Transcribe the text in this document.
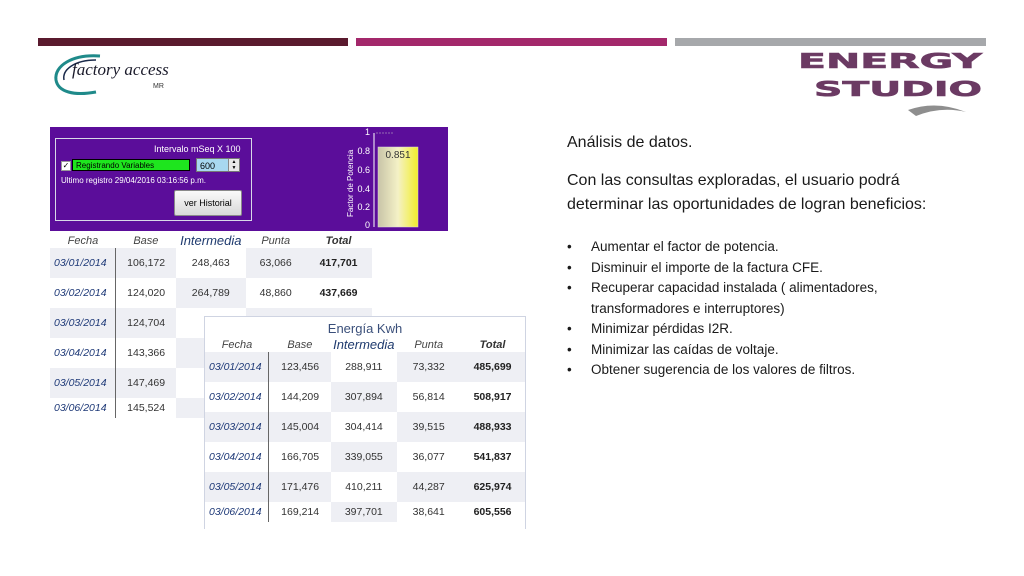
factory access
MR
ENERGY
STUDIO
Intervalo mSeq X 100
✓ Registrando Variables	600	▲
▼
Ultimo registro 29/04/2016 03:16:56 p.m.
ver Historial	Factor de Potencia
1
0.8
0.6
0.4
0.2
0
0.851
Fecha	Base	Intermedia	Punta	Total
03/01/2014	106,172	248,463	63,066	417,701
03/02/2014	124,020	264,789	48,860	437,669
03/03/2014	124,704			
03/04/2014	143,366			
03/05/2014	147,469			
03/06/2014	145,524			
Energía Kwh
Fecha	Base	Intermedia	Punta	Total
03/01/2014	123,456	288,911	73,332	485,699
03/02/2014	144,209	307,894	56,814	508,917
03/03/2014	145,004	304,414	39,515	488,933
03/04/2014	166,705	339,055	36,077	541,837
03/05/2014	171,476	410,211	44,287	625,974
03/06/2014	169,214	397,701	38,641	605,556
Análisis de datos.
Con las consultas exploradas, el usuario podrá determinar las oportunidades de logran beneficios:
• Aumentar el factor de potencia.
• Disminuir el importe de la factura CFE.
• Recuperar capacidad instalada ( alimentadores, transformadores e interruptores)
• Minimizar pérdidas I2R.
• Minimizar las caídas de voltaje.
• Obtener sugerencia de los valores de filtros.
